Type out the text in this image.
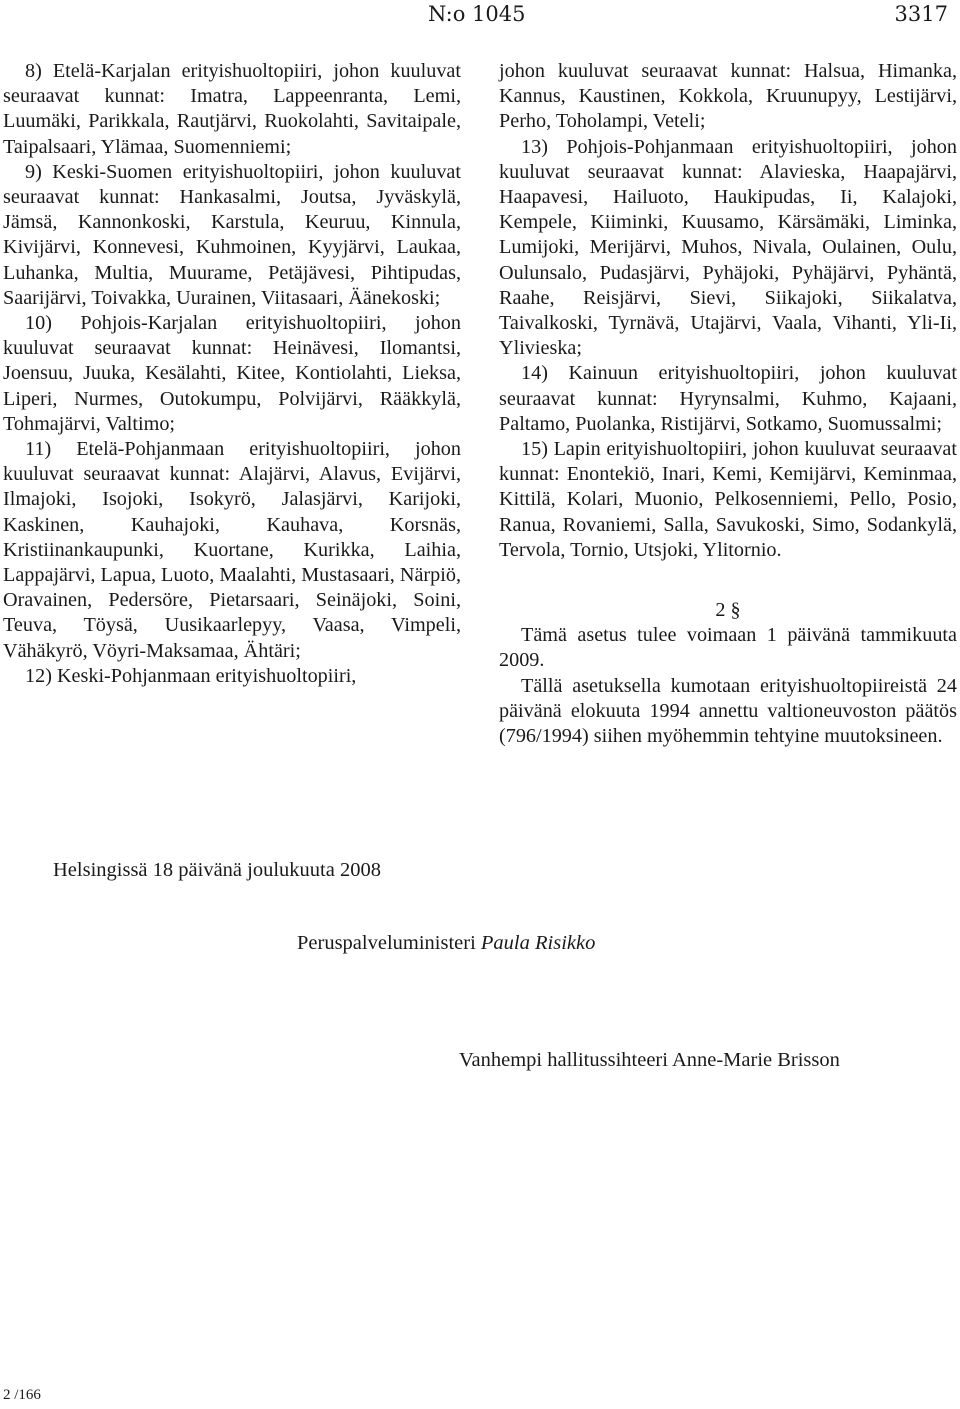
N:o 1045	3317

8) Etelä-Karjalan erityishuoltopiiri, johon kuuluvat seuraavat kunnat: Imatra, Lappeenranta, Lemi, Luumäki, Parikkala, Rautjärvi, Ruokolahti, Savitaipale, Taipalsaari, Ylämaa, Suomenniemi;

9) Keski-Suomen erityishuoltopiiri, johon kuuluvat seuraavat kunnat: Hankasalmi, Joutsa, Jyväskylä, Jämsä, Kannonkoski, Karstula, Keuruu, Kinnula, Kivijärvi, Konnevesi, Kuhmoinen, Kyyjärvi, Laukaa, Luhanka, Multia, Muurame, Petäjävesi, Pihtipudas, Saarijärvi, Toivakka, Uurainen, Viitasaari, Äänekoski;

10) Pohjois-Karjalan erityishuoltopiiri, johon kuuluvat seuraavat kunnat: Heinävesi, Ilomantsi, Joensuu, Juuka, Kesälahti, Kitee, Kontiolahti, Lieksa, Liperi, Nurmes, Outokumpu, Polvijärvi, Rääkkylä, Tohmajärvi, Valtimo;

11) Etelä-Pohjanmaan erityishuoltopiiri, johon kuuluvat seuraavat kunnat: Alajärvi, Alavus, Evijärvi, Ilmajoki, Isojoki, Isokyrö, Jalasjärvi, Karijoki, Kaskinen, Kauhajoki, Kauhava, Korsnäs, Kristiinankaupunki, Kuortane, Kurikka, Laihia, Lappajärvi, Lapua, Luoto, Maalahti, Mustasaari, Närpiö, Oravainen, Pedersöre, Pietarsaari, Seinäjoki, Soini, Teuva, Töysä, Uusikaarlepyy, Vaasa, Vimpeli, Vähäkyrö, Vöyri-Maksamaa, Ähtäri;

12) Keski-Pohjanmaan erityishuoltopiiri,

johon kuuluvat seuraavat kunnat: Halsua, Himanka, Kannus, Kaustinen, Kokkola, Kruunupyy, Lestijärvi, Perho, Toholampi, Veteli;

13) Pohjois-Pohjanmaan erityishuoltopiiri, johon kuuluvat seuraavat kunnat: Alavieska, Haapajärvi, Haapavesi, Hailuoto, Haukipudas, Ii, Kalajoki, Kempele, Kiiminki, Kuusamo, Kärsämäki, Liminka, Lumijoki, Merijärvi, Muhos, Nivala, Oulainen, Oulu, Oulunsalo, Pudasjärvi, Pyhäjoki, Pyhäjärvi, Pyhäntä, Raahe, Reisjärvi, Sievi, Siikajoki, Siikalatva, Taivalkoski, Tyrnävä, Utajärvi, Vaala, Vihanti, Yli-Ii, Ylivieska;

14) Kainuun erityishuoltopiiri, johon kuuluvat seuraavat kunnat: Hyrynsalmi, Kuhmo, Kajaani, Paltamo, Puolanka, Ristijärvi, Sotkamo, Suomussalmi;

15) Lapin erityishuoltopiiri, johon kuuluvat seuraavat kunnat: Enontekiö, Inari, Kemi, Kemijärvi, Keminmaa, Kittilä, Kolari, Muonio, Pelkosenniemi, Pello, Posio, Ranua, Rovaniemi, Salla, Savukoski, Simo, Sodankylä, Tervola, Tornio, Utsjoki, Ylitornio.

2 §

Tämä asetus tulee voimaan 1 päivänä tammikuuta 2009.

Tällä asetuksella kumotaan erityishuoltopiireistä 24 päivänä elokuuta 1994 annettu valtioneuvoston päätös (796/1994) siihen myöhemmin tehtyine muutoksineen.

Helsingissä 18 päivänä joulukuuta 2008
Peruspalveluministeri Paula Risikko
Vanhempi hallitussihteeri Anne-Marie Brisson
2 /166
